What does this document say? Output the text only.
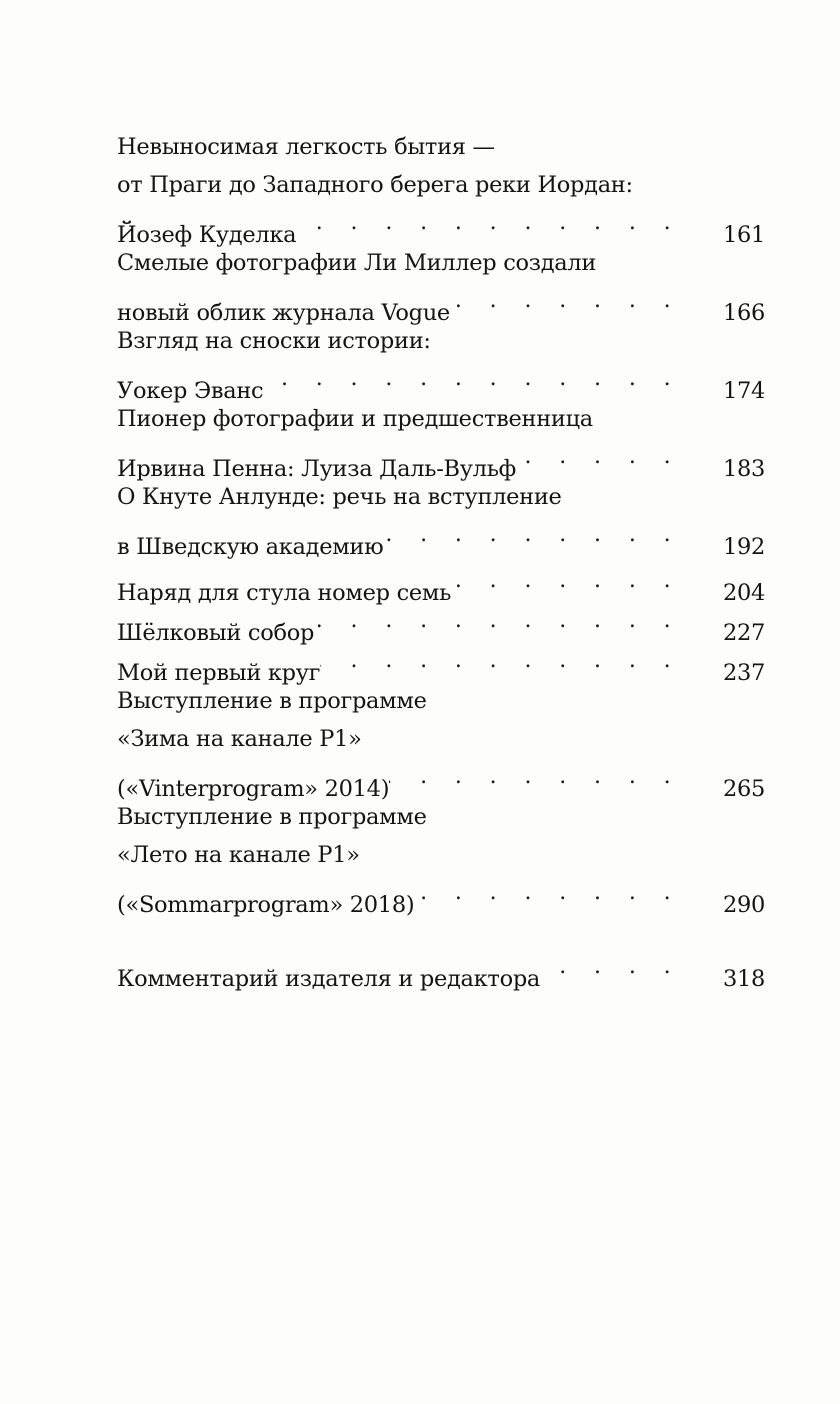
Невыносимая легкость бытия —
от Праги до Западного берега реки Иордан:
Йозеф Куделка . . .	161
Смелые фотографии Ли Миллер создали
новый облик журнала Vogue . . .	166
Взгляд на сноски истории:
Уокер Эванс . . .	174
Пионер фотографии и предшественница
Ирвина Пенна: Луиза Даль-Вульф . . .	183
О Кнуте Анлунде: речь на вступление
в Шведскую академию . . .	192
Наряд для стула номер семь . . .	204
Шёлковый собор . . .	227
Мой первый круг . . .	237
Выступление в программе
«Зима на канале P1»
(«Vinterprogram» 2014) . . .	265
Выступление в программе
«Лето на канале P1»
(«Sommarprogram» 2018) . . .	290
Комментарий издателя и редактора . . .	318
